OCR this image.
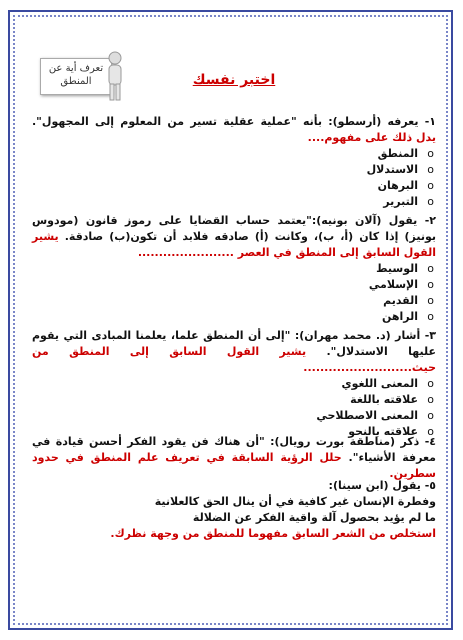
تعرف أية عن
المنطق	اختبر نفسك
١- يعرفه (أرسطو): بأنه "عملية عقلية تسير من المعلوم إلى المجهول". يدل ذلك على مفهوم....
o المنطق
o الاستدلال
o البرهان
o التبرير
٢- يقول (آلان بونيه):"يعتمد حساب القضايا على رموز قانون (مودوس بونيز) إذا كان (أ، ب)، وكانت (أ) صادقه فلابد أن تكون(ب) صادقة. يشير القول السابق إلى المنطق في العصر .......................
o الوسيط
o الإسلامي
o القديم
o الراهن
٣- أشار (د. محمد مهران): "إلى أن المنطق علما، يعلمنا المبادى التي يقوم عليها الاستدلال". يشير القول السابق إلى المنطق من حيث..........................
o المعنى اللغوي
o علاقته باللغة
o المعنى الاصطلاحي
o علاقته بالنحو
٤- ذكر (مناطقة بورت رويال): "أن هناك فن يقود الفكر أحسن قيادة في معرفة الأشياء". حلل الرؤية السابقة في تعريف علم المنطق في حدود سطرين.
٥- يقول (ابن سينا):
وفطرة الإنسان غير كافية في أن ينال الحق كالعلانية
ما لم يؤيد بحصول آلة واقية الفكر عن الضلالة
استخلص من الشعر السابق مفهوما للمنطق من وجهة نظرك.
